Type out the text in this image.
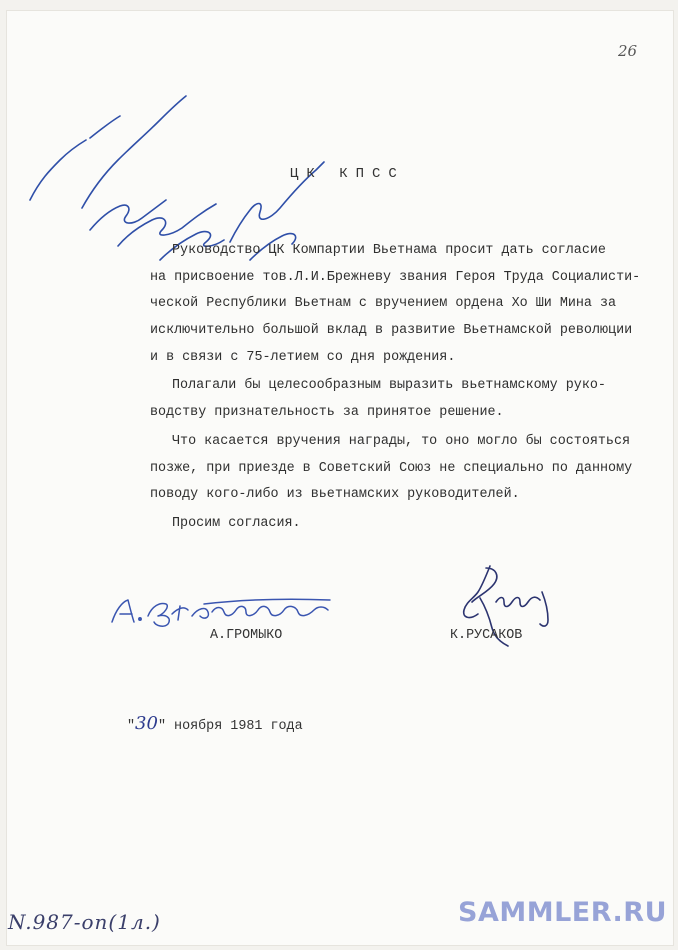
26
ЦК КПСС
Руководство ЦК Компартии Вьетнама просит дать согласие
на присвоение тов.Л.И.Брежневу звания Героя Труда Социалисти-
ческой Республики Вьетнам с вручением ордена Хо Ши Мина за
исключительно большой вклад в развитие Вьетнамской революции
и в связи с 75-летием со дня рождения.
Полагали бы целесообразным выразить вьетнамскому руко-
водству признательность за принятое решение.
Что касается вручения награды, то оно могло бы состояться
позже, при приезде в Советский Союз не специально по данному
поводу кого-либо из вьетнамских руководителей.
Просим согласия.
А.ГРОМЫКО	К.РУСАКОВ
"30" ноября 1981 года
N.987-оп(1л.)	SAMMLER.RU
